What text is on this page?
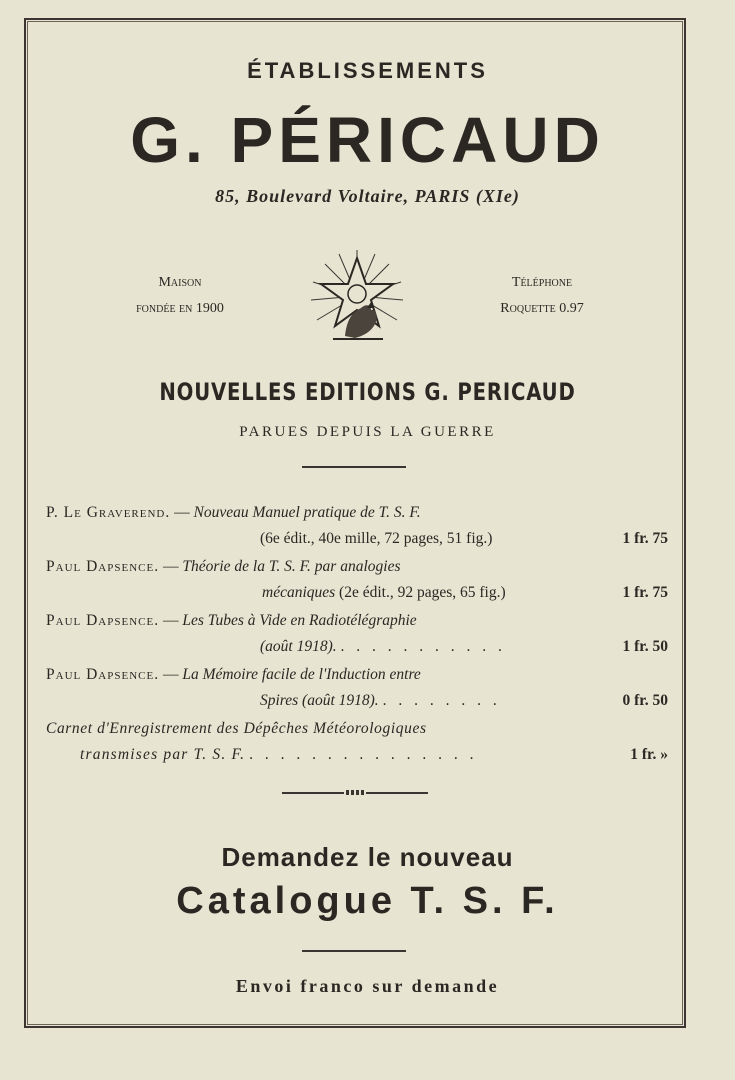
ÉTABLISSEMENTS
G. PÉRICAUD
85, Boulevard Voltaire, PARIS (XIe)
Maison
fondée en 1900
Téléphone
Roquette 0.97
NOUVELLES EDITIONS G. PERICAUD
PARUES DEPUIS LA GUERRE
P. Le Graverend. — Nouveau Manuel pratique de T. S. F.
(6e édit., 40e mille, 72 pages, 51 fig.)	1 fr. 75
Paul Dapsence. — Théorie de la T. S. F. par analogies
mécaniques (2e édit., 92 pages, 65 fig.)	1 fr. 75
Paul Dapsence. — Les Tubes à Vide en Radiotélégraphie
(août 1918). . . . . . . . . . . .	1 fr. 50
Paul Dapsence. — La Mémoire facile de l'Induction entre
Spires (août 1918). . . . . . . . .	0 fr. 50
Carnet d'Enregistrement des Dépêches Météorologiques
transmises par T. S. F. . . . . . . . . . . . . . . .	1 fr. »
Demandez le nouveau
Catalogue T. S. F.
Envoi franco sur demande
